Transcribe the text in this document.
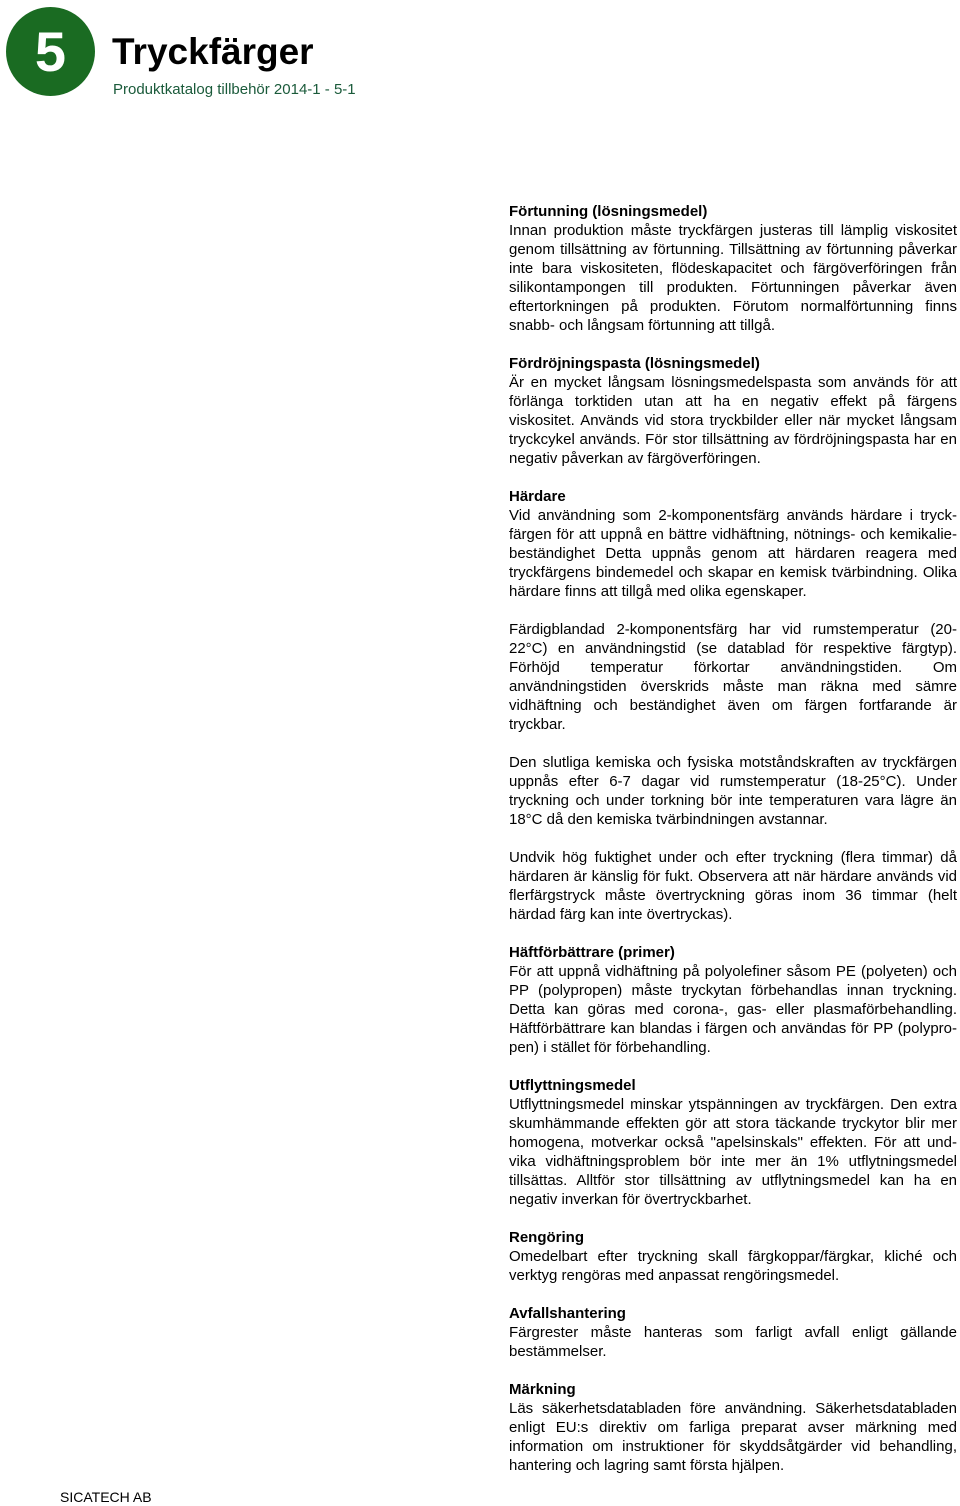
5	Tryckfärger
Produktkatalog tillbehör 2014-1 - 5-1
Förtunning (lösningsmedel)

Innan produktion måste tryckfärgen justeras till lämplig viskositet genom tillsättning av förtunning. Tillsättning av förtunning påverkar inte bara viskositeten, flödeskapacitet och färgöverföringen från silikontampongen till produkten. Förtunningen påverkar även eftertorkningen på produkten. Förutom normalförtunning finns snabb- och långsam förtunning att tillgå.

Fördröjningspasta (lösningsmedel)

Är en mycket långsam lösningsmedelspasta som används för att förlänga torktiden utan att ha en negativ effekt på färgens viskositet. Används vid stora tryckbilder eller när mycket långsam tryckcykel används. För stor tillsättning av fördröjningspasta har en negativ påverkan av färgöverföringen.

Härdare

Vid användning som 2-komponentsfärg används härdare i tryckfärgen för att uppnå en bättre vidhäftning, nötnings- och kemikaliebeständighet Detta uppnås genom att härdaren reagera med tryckfärgens bindemedel och skapar en kemisk tvärbindning. Olika härdare finns att tillgå med olika egenskaper.

Färdigblandad 2-komponentsfärg har vid rumstemperatur (20-22°C) en användningstid (se datablad för respektive färgtyp). Förhöjd temperatur förkortar användningstiden. Om användningstiden överskrids måste man räkna med sämre vidhäftning och beständighet även om färgen fortfarande är tryckbar.

Den slutliga kemiska och fysiska motståndskraften av tryckfärgen uppnås efter 6-7 dagar vid rumstemperatur (18-25°C). Under tryckning och under torkning bör inte temperaturen vara lägre än 18°C då den kemiska tvärbindningen avstannar.

Undvik hög fuktighet under och efter tryckning (flera timmar) då härdaren är känslig för fukt. Observera att när härdare används vid flerfärgstryck måste övertryckning göras inom 36 timmar (helt härdad färg kan inte övertryckas).

Häftförbättrare (primer)

För att uppnå vidhäftning på polyolefiner såsom PE (polyeten) och PP (polypropen) måste tryckytan förbehandlas innan tryckning. Detta kan göras med corona-, gas- eller plasmaförbehandling. Häftförbättrare kan blandas i färgen och användas för PP (polypropen) i stället för förbehandling.

Utflyttningsmedel

Utflyttningsmedel minskar ytspänningen av tryckfärgen. Den extra skumhämmande effekten gör att stora täckande tryckytor blir mer homogena, motverkar också "apelsinskals" effekten. För att undvika vidhäftningsproblem bör inte mer än 1% utflytningsmedel tillsättas. Alltför stor tillsättning av utflytningsmedel kan ha en negativ inverkan för övertryckbarhet.

Rengöring

Omedelbart efter tryckning skall färgkoppar/färgkar, kliché och verktyg rengöras med anpassat rengöringsmedel.

Avfallshantering

Färgrester måste hanteras som farligt avfall enligt gällande bestämmelser.

Märkning

Läs säkerhetsdatabladen före användning. Säkerhetsdatabladen enligt EU:s direktiv om farliga preparat avser märkning med information om instruktioner för skyddsåtgärder vid behandling, hantering och lagring samt första hjälpen.

SICATECH AB
